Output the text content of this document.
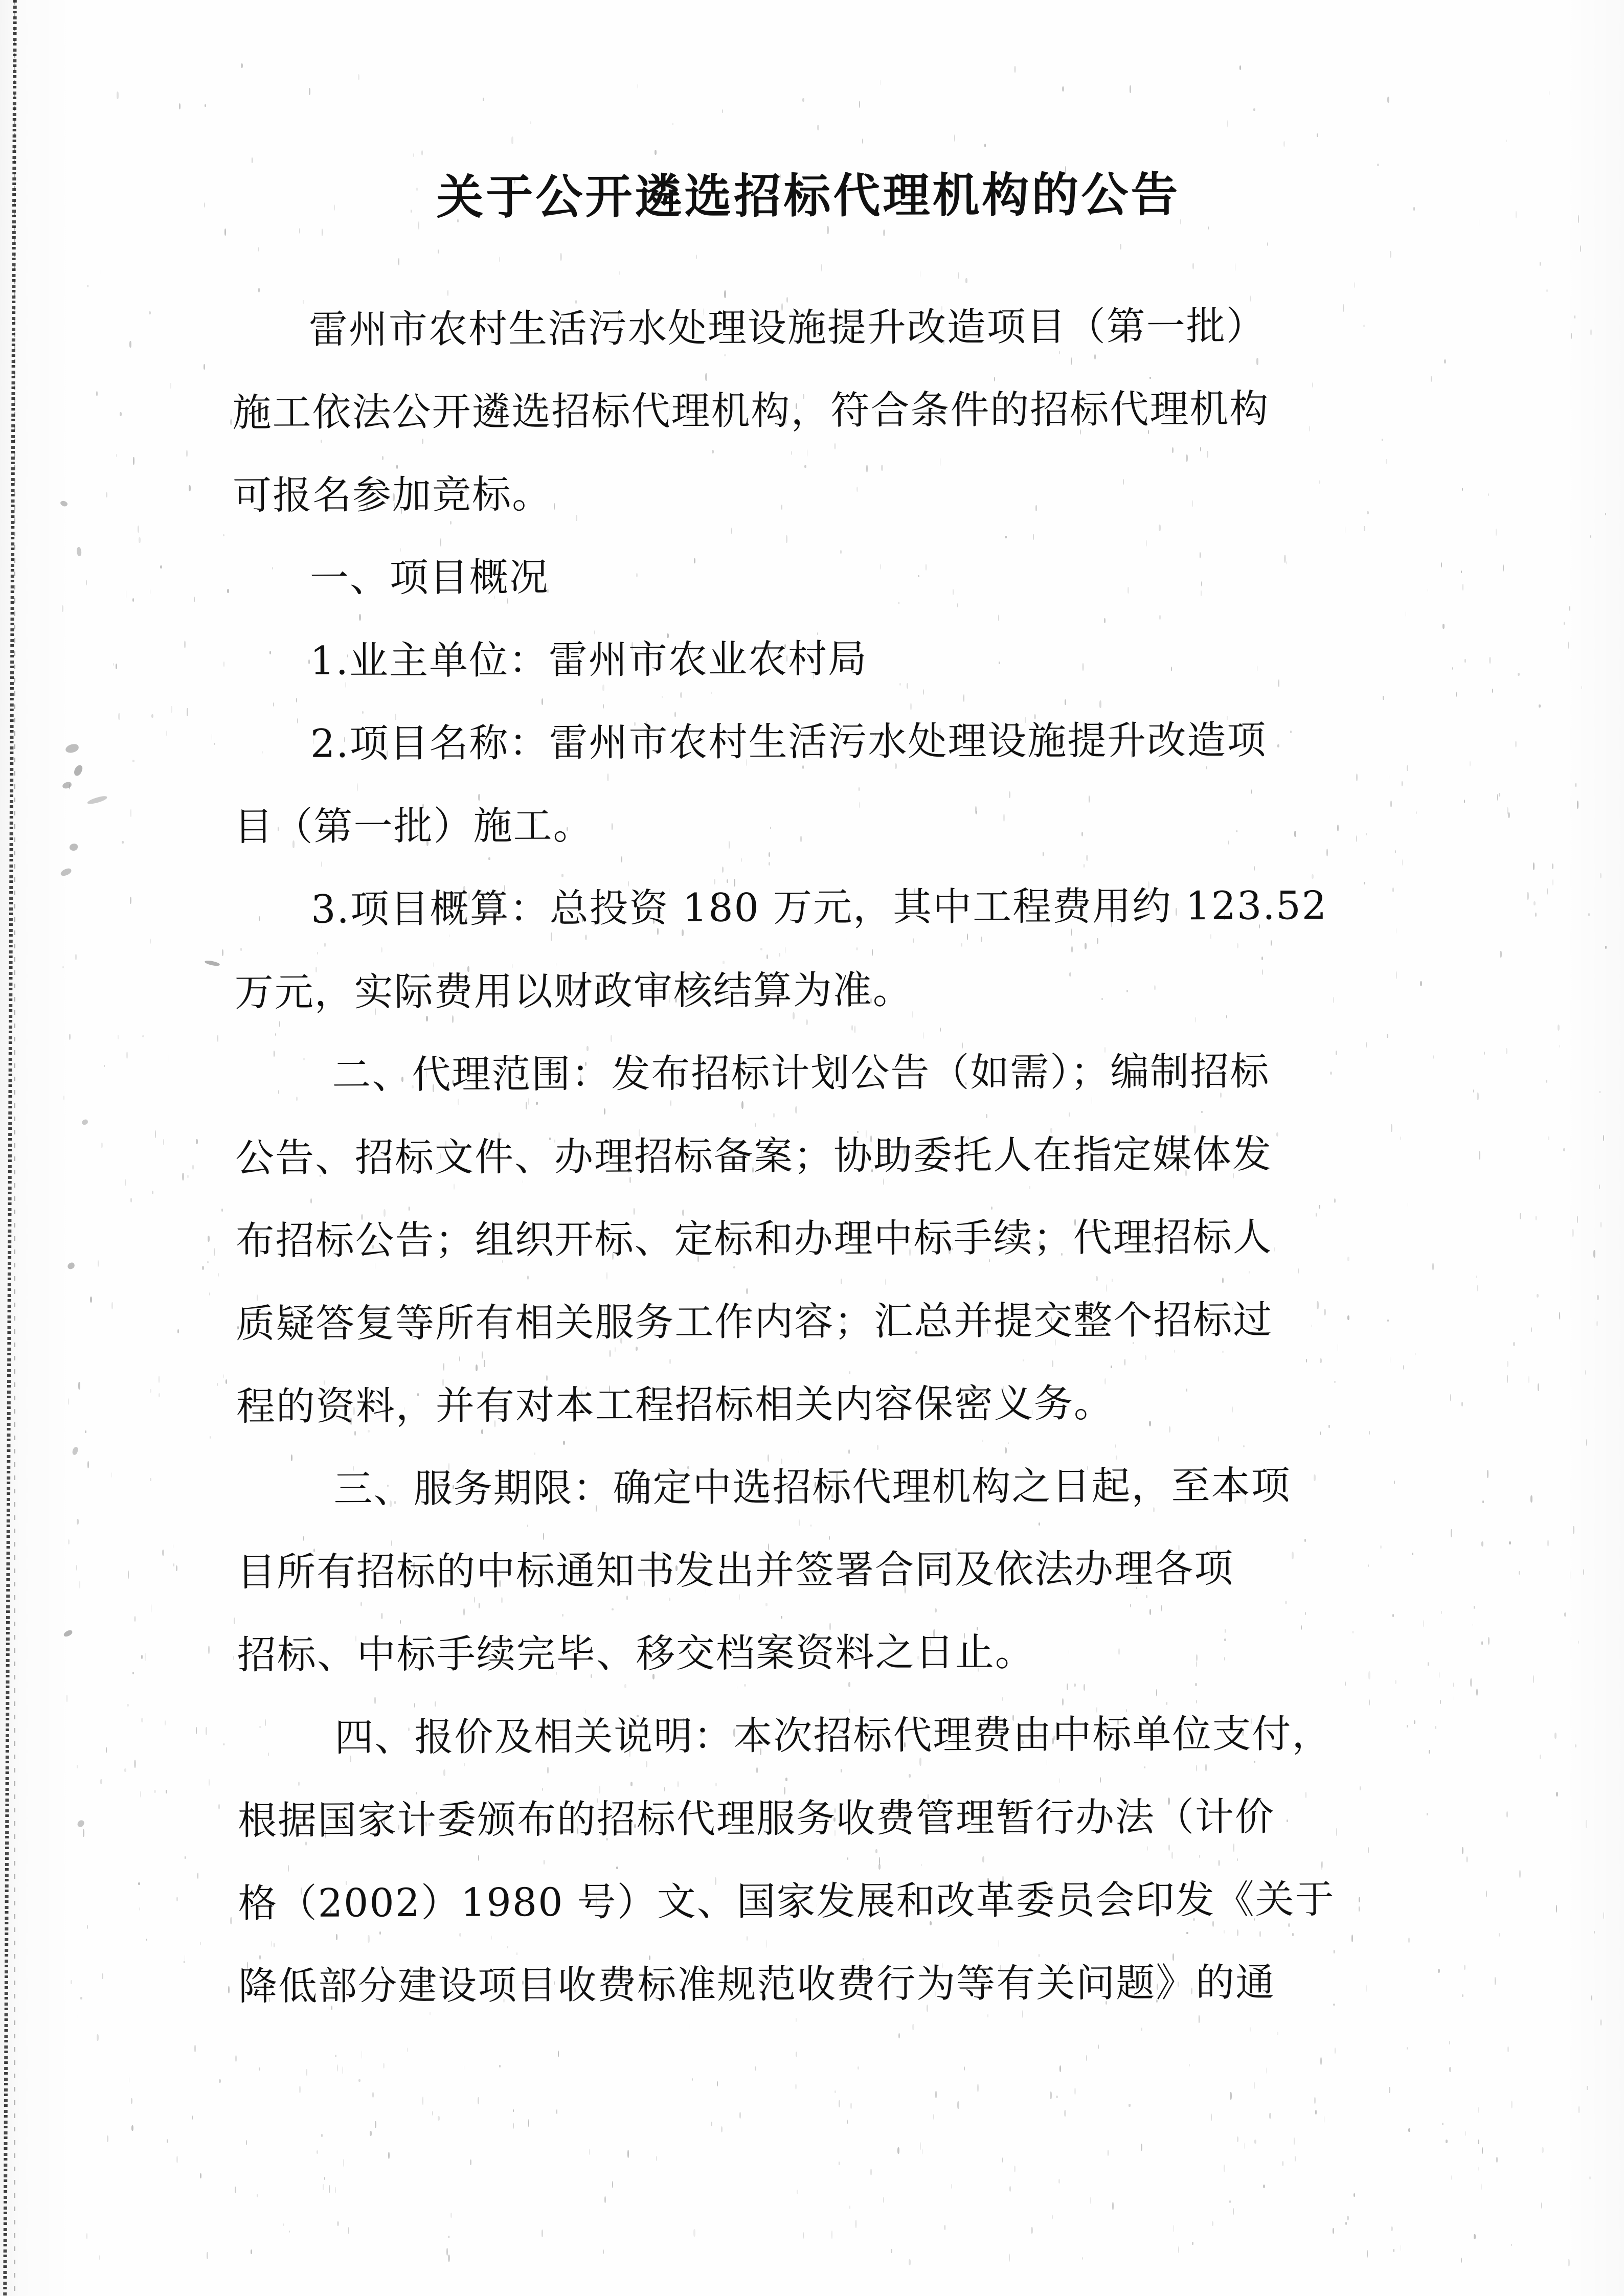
关于公开遴选招标代理机构的公告
雷州市农村生活污水处理设施提升改造项目（第一批）
施工依法公开遴选招标代理机构，符合条件的招标代理机构
可报名参加竞标。
一、项目概况
1.业主单位：雷州市农业农村局
2.项目名称：雷州市农村生活污水处理设施提升改造项
目（第一批）施工。
3.项目概算：总投资 180 万元，其中工程费用约 123.52
万元，实际费用以财政审核结算为准。
二、代理范围：发布招标计划公告（如需）；编制招标
公告、招标文件、办理招标备案；协助委托人在指定媒体发
布招标公告；组织开标、定标和办理中标手续；代理招标人
质疑答复等所有相关服务工作内容；汇总并提交整个招标过
程的资料，并有对本工程招标相关内容保密义务。
三、服务期限：确定中选招标代理机构之日起，至本项
目所有招标的中标通知书发出并签署合同及依法办理各项
招标、中标手续完毕、移交档案资料之日止。
四、报价及相关说明：本次招标代理费由中标单位支付，
根据国家计委颁布的招标代理服务收费管理暂行办法（计价
格（2002）1980 号）文、国家发展和改革委员会印发《关于
降低部分建设项目收费标准规范收费行为等有关问题》的通
